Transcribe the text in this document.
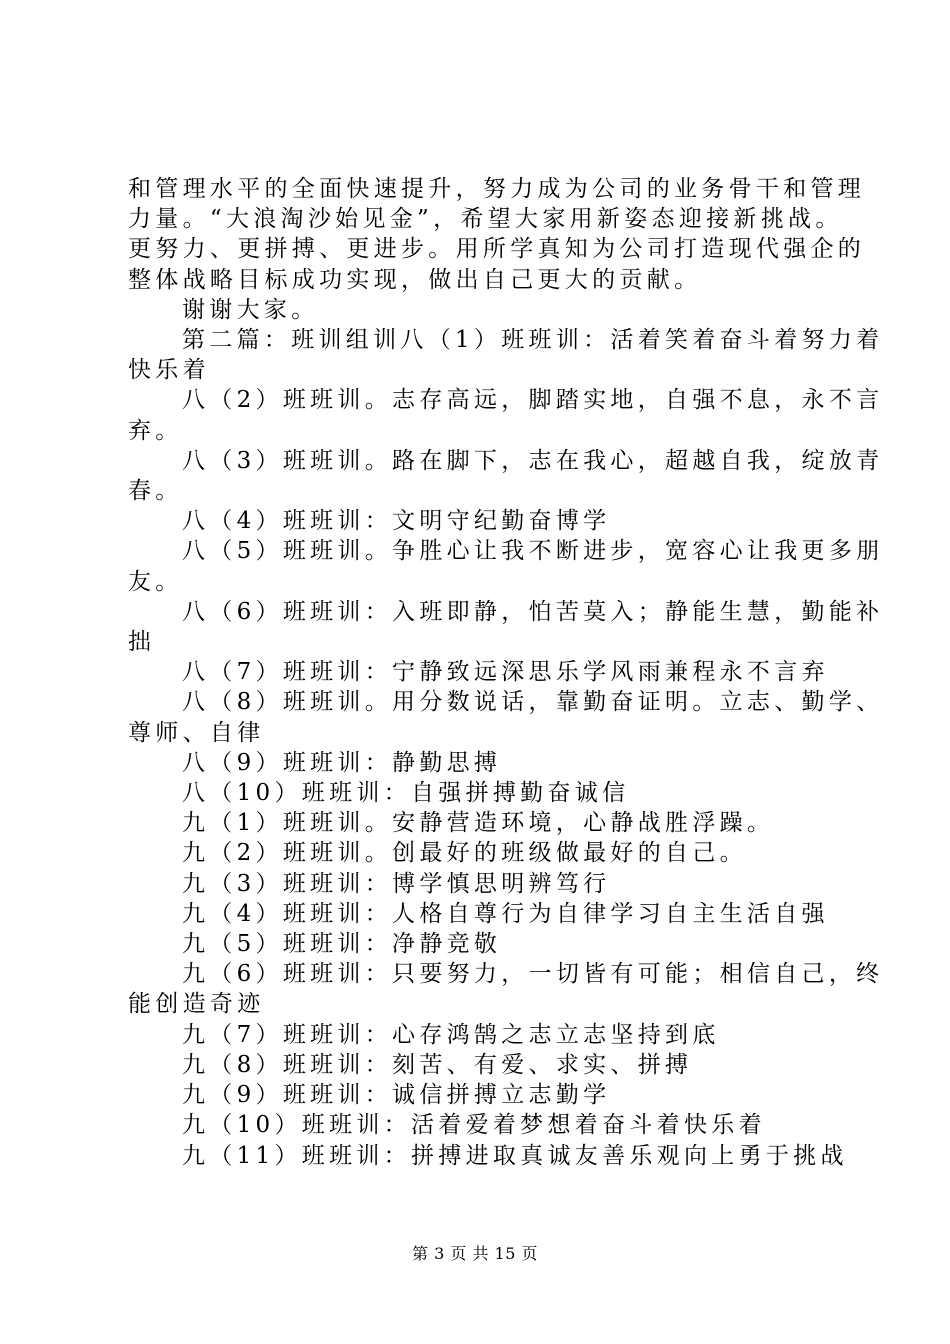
和管理水平的全面快速提升，努力成为公司的业务骨干和管理

力量。“大浪淘沙始见金”，希望大家用新姿态迎接新挑战。

更努力、更拼搏、更进步。用所学真知为公司打造现代强企的

整体战略目标成功实现，做出自己更大的贡献。

谢谢大家。

第二篇：班训组训八（1）班班训：活着笑着奋斗着努力着

快乐着

八（2）班班训。志存高远，脚踏实地，自强不息，永不言

弃。

八（3）班班训。路在脚下，志在我心，超越自我，绽放青

春。

八（4）班班训：文明守纪勤奋博学

八（5）班班训。争胜心让我不断进步，宽容心让我更多朋

友。

八（6）班班训：入班即静，怕苦莫入；静能生慧，勤能补

拙

八（7）班班训：宁静致远深思乐学风雨兼程永不言弃

八（8）班班训。用分数说话，靠勤奋证明。立志、勤学、

尊师、自律

八（9）班班训：静勤思搏

八（10）班班训：自强拼搏勤奋诚信

九（1）班班训。安静营造环境，心静战胜浮躁。

九（2）班班训。创最好的班级做最好的自己。

九（3）班班训：博学慎思明辨笃行

九（4）班班训：人格自尊行为自律学习自主生活自强

九（5）班班训：净静竞敬

九（6）班班训：只要努力，一切皆有可能；相信自己，终

能创造奇迹

九（7）班班训：心存鸿鹄之志立志坚持到底

九（8）班班训：刻苦、有爱、求实、拼搏

九（9）班班训：诚信拼搏立志勤学

九（10）班班训：活着爱着梦想着奋斗着快乐着

九（11）班班训：拼搏进取真诚友善乐观向上勇于挑战

第 3 页 共 15 页
